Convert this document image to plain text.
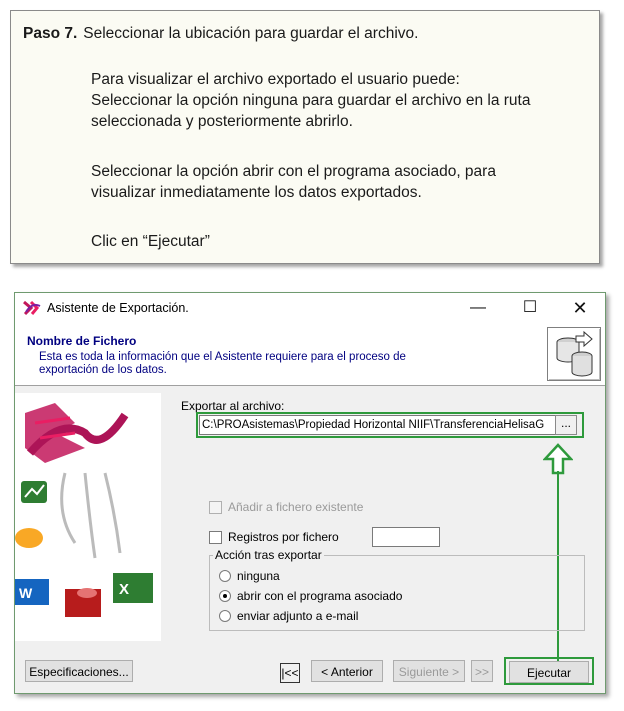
Paso 7. Seleccionar la ubicación para guardar el archivo.

Para visualizar el archivo exportado el usuario puede:
Seleccionar la opción ninguna para guardar el archivo en la ruta
seleccionada y posteriormente abrirlo.

Seleccionar la opción abrir con el programa asociado, para
visualizar inmediatamente los datos exportados.

Clic en “Ejecutar”

Asistente de Exportación.	—	☐	✕
Nombre de Fichero
Esta es toda la información que el Asistente requiere para el proceso de exportación de los datos.
W	X
Exportar al archivo:
C:\PROAsistemas\Propiedad Horizontal NIIF\TransferenciaHelisaG	...
Añadir a fichero existente
Registros por fichero
Acción tras exportar
ninguna
abrir con el programa asociado
enviar adjunto a e-mail
Especificaciones...	|<<	< Anterior	Siguiente >	>>	Ejecutar
